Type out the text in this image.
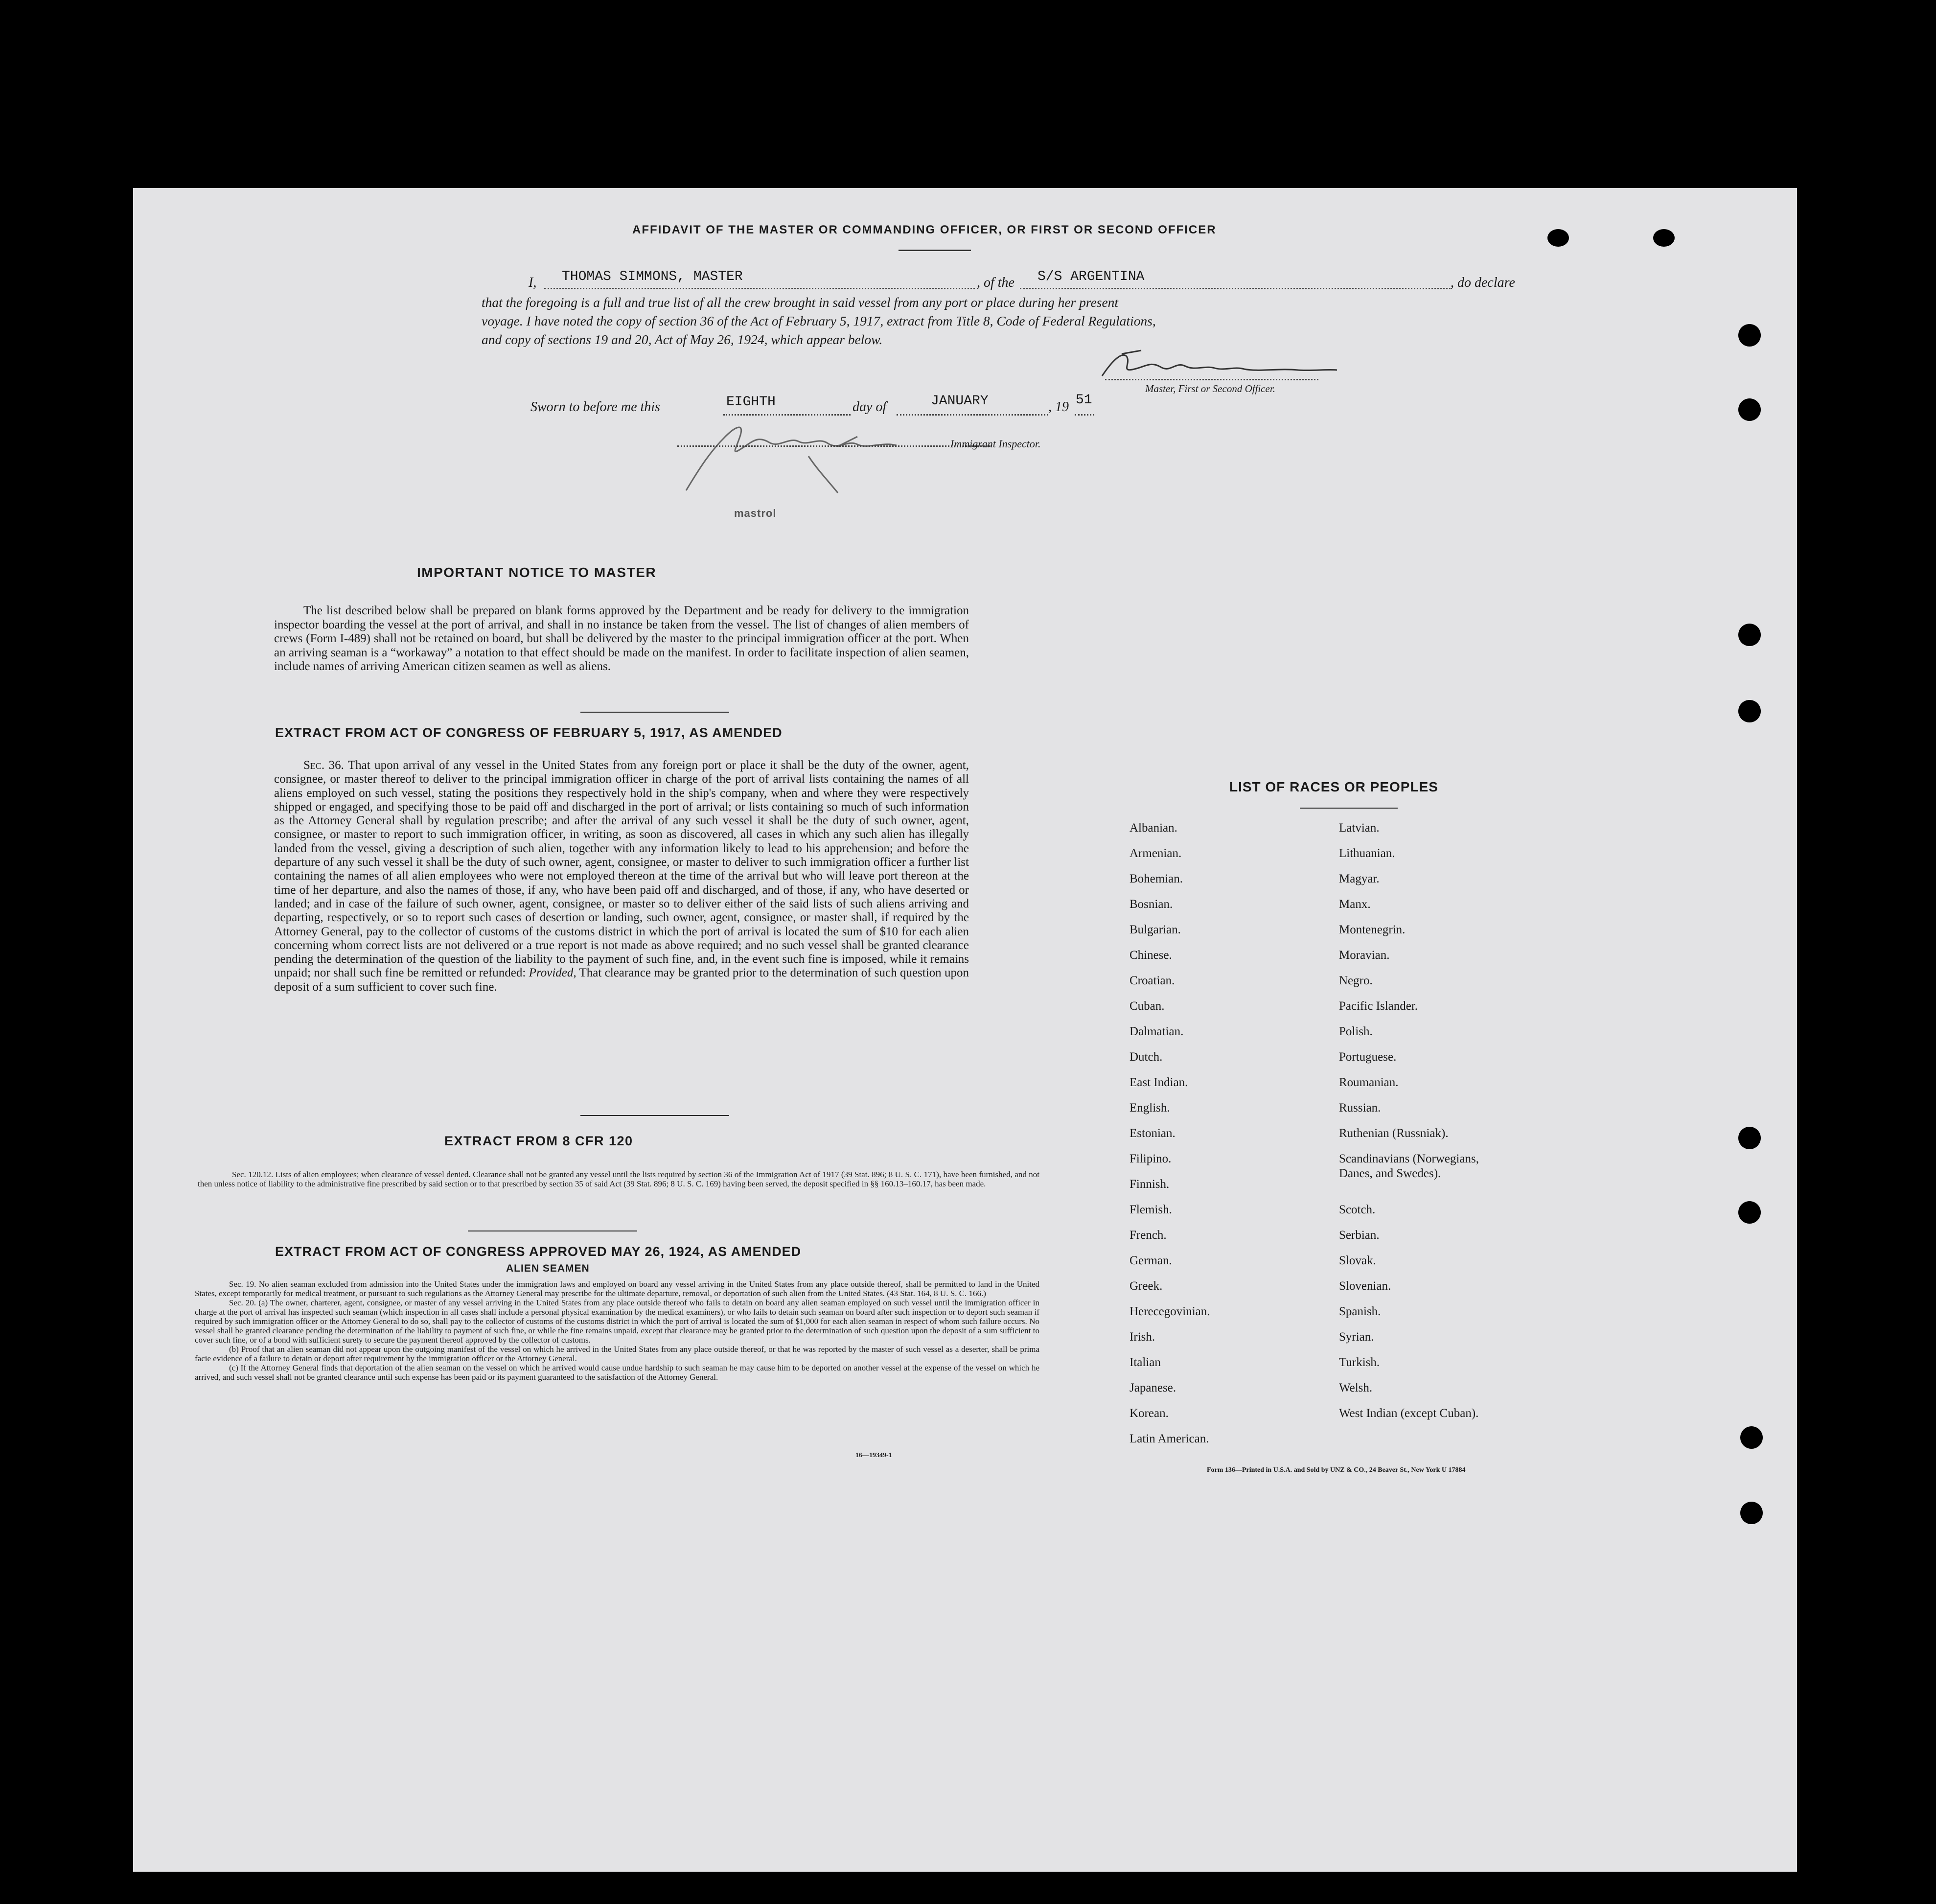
AFFIDAVIT OF THE MASTER OR COMMANDING OFFICER, OR FIRST OR SECOND OFFICER
I, THOMAS SIMMONS, MASTER	, of the S/S ARGENTINA	, do declare
that the foregoing is a full and true list of all the crew brought in said vessel from any port or place during her present
voyage. I have noted the copy of section 36 of the Act of February 5, 1917, extract from Title 8, Code of Federal Regulations,
and copy of sections 19 and 20, Act of May 26, 1924, which appear below.
Master, First or Second Officer.
Sworn to before me this	EIGHTH	day of	JANUARY	, 19 51
Immigrant Inspector.
mastrol
IMPORTANT NOTICE TO MASTER

The list described below shall be prepared on blank forms approved by the Department and be ready for delivery to the immigration inspector boarding the vessel at the port of arrival, and shall in no instance be taken from the vessel. The list of changes of alien members of crews (Form I-489) shall not be retained on board, but shall be delivered by the master to the principal immigration officer at the port. When an arriving seaman is a “workaway” a notation to that effect should be made on the manifest. In order to facilitate inspection of alien seamen, include names of arriving American citizen seamen as well as aliens.

EXTRACT FROM ACT OF CONGRESS OF FEBRUARY 5, 1917, AS AMENDED

Sec. 36. That upon arrival of any vessel in the United States from any foreign port or place it shall be the duty of the owner, agent, consignee, or master thereof to deliver to the principal immigration officer in charge of the port of arrival lists containing the names of all aliens employed on such vessel, stating the positions they respectively hold in the ship's company, when and where they were respectively shipped or engaged, and specifying those to be paid off and discharged in the port of arrival; or lists containing so much of such information as the Attorney General shall by regulation prescribe; and after the arrival of any such vessel it shall be the duty of such owner, agent, consignee, or master to report to such immigration officer, in writing, as soon as discovered, all cases in which any such alien has illegally landed from the vessel, giving a description of such alien, together with any information likely to lead to his apprehension; and before the departure of any such vessel it shall be the duty of such owner, agent, consignee, or master to deliver to such immigration officer a further list containing the names of all alien employees who were not employed thereon at the time of the arrival but who will leave port thereon at the time of her departure, and also the names of those, if any, who have been paid off and discharged, and of those, if any, who have deserted or landed; and in case of the failure of such owner, agent, consignee, or master so to deliver either of the said lists of such aliens arriving and departing, respectively, or so to report such cases of desertion or landing, such owner, agent, consignee, or master shall, if required by the Attorney General, pay to the collector of customs of the customs district in which the port of arrival is located the sum of $10 for each alien concerning whom correct lists are not delivered or a true report is not made as above required; and no such vessel shall be granted clearance pending the determination of the question of the liability to the payment of such fine, and, in the event such fine is imposed, while it remains unpaid; nor shall such fine be remitted or refunded: Provided, That clearance may be granted prior to the determination of such question upon deposit of a sum sufficient to cover such fine.

EXTRACT FROM 8 CFR 120

Sec. 120.12. Lists of alien employees; when clearance of vessel denied. Clearance shall not be granted any vessel until the lists required by section 36 of the Immigration Act of 1917 (39 Stat. 896; 8 U. S. C. 171), have been furnished, and not then unless notice of liability to the administrative fine prescribed by said section or to that prescribed by section 35 of said Act (39 Stat. 896; 8 U. S. C. 169) having been served, the deposit specified in §§ 160.13–160.17, has been made.

EXTRACT FROM ACT OF CONGRESS APPROVED MAY 26, 1924, AS AMENDED
ALIEN SEAMEN

Sec. 19. No alien seaman excluded from admission into the United States under the immigration laws and employed on board any vessel arriving in the United States from any place outside thereof, shall be permitted to land in the United States, except temporarily for medical treatment, or pursuant to such regulations as the Attorney General may prescribe for the ultimate departure, removal, or deportation of such alien from the United States. (43 Stat. 164, 8 U. S. C. 166.)

Sec. 20. (a) The owner, charterer, agent, consignee, or master of any vessel arriving in the United States from any place outside thereof who fails to detain on board any alien seaman employed on such vessel until the immigration officer in charge at the port of arrival has inspected such seaman (which inspection in all cases shall include a personal physical examination by the medical examiners), or who fails to detain such seaman on board after such inspection or to deport such seaman if required by such immigration officer or the Attorney General to do so, shall pay to the collector of customs of the customs district in which the port of arrival is located the sum of $1,000 for each alien seaman in respect of whom such failure occurs. No vessel shall be granted clearance pending the determination of the liability to payment of such fine, or while the fine remains unpaid, except that clearance may be granted prior to the determination of such question upon the deposit of a sum sufficient to cover such fine, or of a bond with sufficient surety to secure the payment thereof approved by the collector of customs.

(b) Proof that an alien seaman did not appear upon the outgoing manifest of the vessel on which he arrived in the United States from any place outside thereof, or that he was reported by the master of such vessel as a deserter, shall be prima facie evidence of a failure to detain or deport after requirement by the immigration officer or the Attorney General.

(c) If the Attorney General finds that deportation of the alien seaman on the vessel on which he arrived would cause undue hardship to such seaman he may cause him to be deported on another vessel at the expense of the vessel on which he arrived, and such vessel shall not be granted clearance until such expense has been paid or its payment guaranteed to the satisfaction of the Attorney General.

16—19349-1
LIST OF RACES OR PEOPLES
Albanian.
Armenian.
Bohemian.
Bosnian.
Bulgarian.
Chinese.
Croatian.
Cuban.
Dalmatian.
Dutch.
East Indian.
English.
Estonian.
Filipino.
Finnish.
Flemish.
French.
German.
Greek.
Herecegovinian.
Irish.
Italian
Japanese.
Korean.
Latin American.
Latvian.
Lithuanian.
Magyar.
Manx.
Montenegrin.
Moravian.
Negro.
Pacific Islander.
Polish.
Portuguese.
Roumanian.
Russian.
Ruthenian (Russniak).
Scandinavians (Norwegians,
Danes, and Swedes).
Scotch.
Serbian.
Slovak.
Slovenian.
Spanish.
Syrian.
Turkish.
Welsh.
West Indian (except Cuban).
Form 136—Printed in U.S.A. and Sold by UNZ & CO., 24 Beaver St., New York U 17884
